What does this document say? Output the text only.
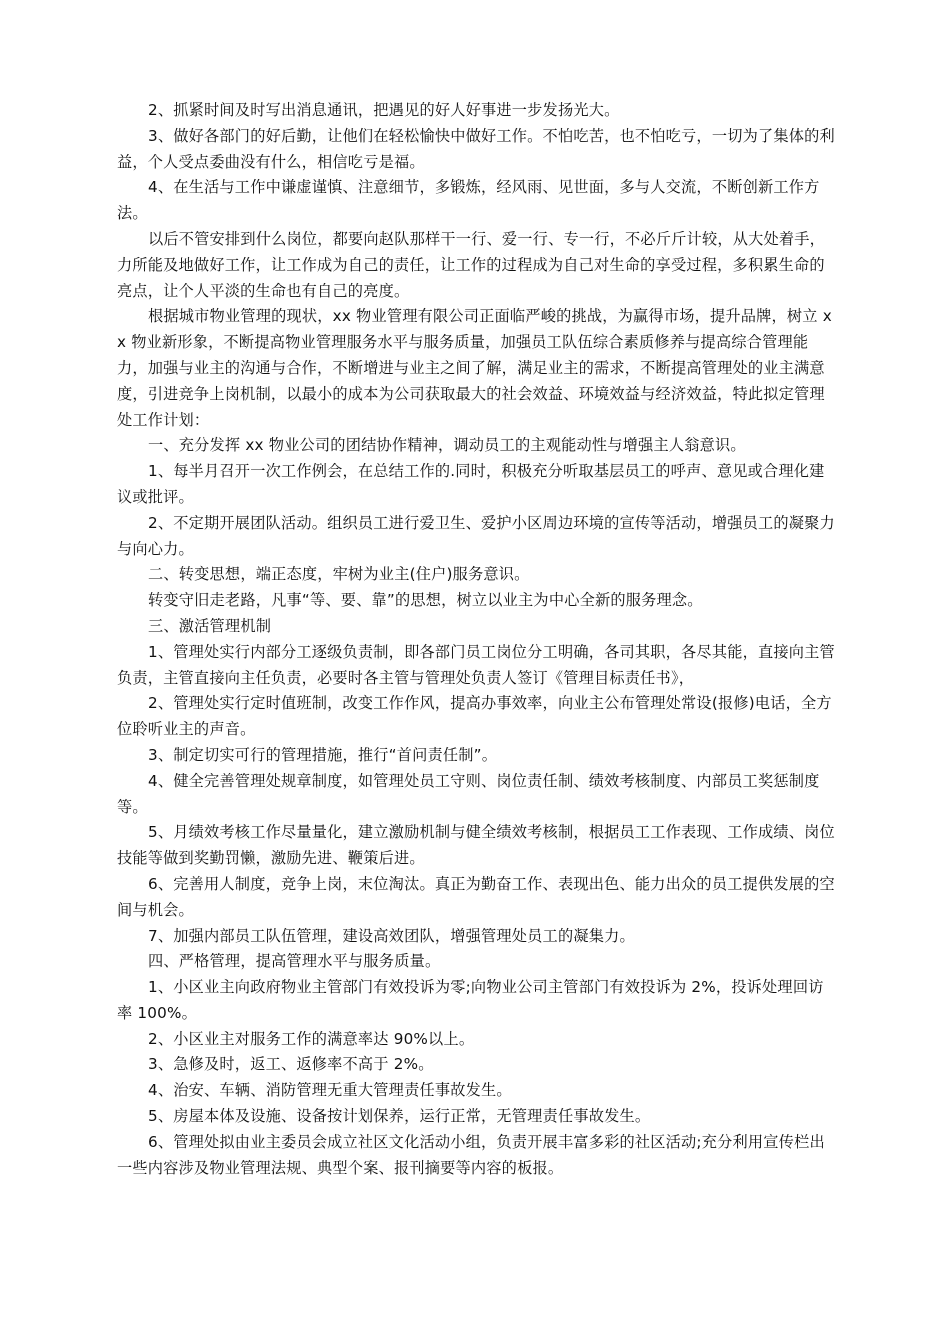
2、抓紧时间及时写出消息通讯，把遇见的好人好事进一步发扬光大。

3、做好各部门的好后勤，让他们在轻松愉快中做好工作。不怕吃苦，也不怕吃亏，一切为了集体的利益，个人受点委曲没有什么，相信吃亏是福。

4、在生活与工作中谦虚谨慎、注意细节，多锻炼，经风雨、见世面，多与人交流，不断创新工作方法。

以后不管安排到什么岗位，都要向赵队那样干一行、爱一行、专一行，不必斤斤计较，从大处着手，力所能及地做好工作，让工作成为自己的责任，让工作的过程成为自己对生命的享受过程，多积累生命的亮点，让个人平淡的生命也有自己的亮度。

根据城市物业管理的现状，xx 物业管理有限公司正面临严峻的挑战，为赢得市场，提升品牌，树立 xx 物业新形象，不断提高物业管理服务水平与服务质量，加强员工队伍综合素质修养与提高综合管理能力，加强与业主的沟通与合作，不断增进与业主之间了解，满足业主的需求，不断提高管理处的业主满意度，引进竞争上岗机制，以最小的成本为公司获取最大的社会效益、环境效益与经济效益，特此拟定管理处工作计划：

一、充分发挥 xx 物业公司的团结协作精神，调动员工的主观能动性与增强主人翁意识。

1、每半月召开一次工作例会，在总结工作的.同时，积极充分听取基层员工的呼声、意见或合理化建议或批评。

2、不定期开展团队活动。组织员工进行爱卫生、爱护小区周边环境的宣传等活动，增强员工的凝聚力与向心力。

二、转变思想，端正态度，牢树为业主(住户)服务意识。

转变守旧走老路，凡事“等、要、靠”的思想，树立以业主为中心全新的服务理念。

三、激活管理机制

1、管理处实行内部分工逐级负责制，即各部门员工岗位分工明确，各司其职，各尽其能，直接向主管负责，主管直接向主任负责，必要时各主管与管理处负责人签订《管理目标责任书》，

2、管理处实行定时值班制，改变工作作风，提高办事效率，向业主公布管理处常设(报修)电话，全方位聆听业主的声音。

3、制定切实可行的管理措施，推行“首问责任制”。

4、健全完善管理处规章制度，如管理处员工守则、岗位责任制、绩效考核制度、内部员工奖惩制度等。

5、月绩效考核工作尽量量化，建立激励机制与健全绩效考核制，根据员工工作表现、工作成绩、岗位技能等做到奖勤罚懒，激励先进、鞭策后进。

6、完善用人制度，竞争上岗，末位淘汰。真正为勤奋工作、表现出色、能力出众的员工提供发展的空间与机会。

7、加强内部员工队伍管理，建设高效团队，增强管理处员工的凝集力。

四、严格管理，提高管理水平与服务质量。

1、小区业主向政府物业主管部门有效投诉为零;向物业公司主管部门有效投诉为 2%，投诉处理回访率 100%。

2、小区业主对服务工作的满意率达 90%以上。

3、急修及时，返工、返修率不高于 2%。

4、治安、车辆、消防管理无重大管理责任事故发生。

5、房屋本体及设施、设备按计划保养，运行正常，无管理责任事故发生。

6、管理处拟由业主委员会成立社区文化活动小组，负责开展丰富多彩的社区活动;充分利用宣传栏出一些内容涉及物业管理法规、典型个案、报刊摘要等内容的板报。
